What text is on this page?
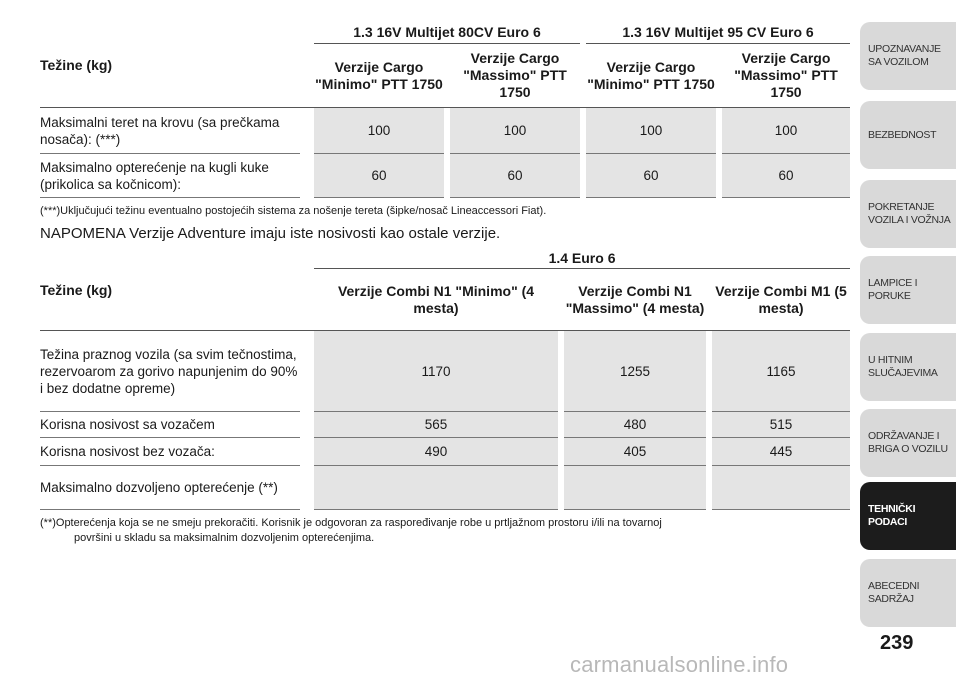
Težine (kg)		1.3 16V Multijet 80CV Euro 6				1.3 16V Multijet 95 CV Euro 6		
		Verzije Cargo "Minimo" PTT 1750		Verzije Cargo "Massimo" PTT 1750		Verzije Cargo "Minimo" PTT 1750		Verzije Cargo "Massimo" PTT 1750
Maksimalni teret na krovu (sa prečkama nosača): (***)		100		100		100		100
Maksimalno opterećenje na kugli kuke (prikolica sa kočnicom):		60		60		60		60
(***)Uključujući težinu eventualno postojećih sistema za nošenje tereta (šipke/nosač Lineaccessori Fiat).
NAPOMENA Verzije Adventure imaju iste nosivosti kao ostale verzije.
Težine (kg)		1.4 Euro 6				
		Verzije Combi N1 "Minimo" (4 mesta)		Verzije Combi N1 "Massimo" (4 mesta)		Verzije Combi M1 (5 mesta)
Težina praznog vozila (sa svim tečnostima, rezervoarom za gorivo napunjenim do 90% i bez dodatne opreme)		1170		1255		1165
Korisna nosivost sa vozačem		565		480		515
Korisna nosivost bez vozača:		490		405		445
Maksimalno dozvoljeno opterećenje (**)						
(**)Opterećenja koja se ne smeju prekoračiti. Korisnik je odgovoran za raspoređivanje robe u prtljažnom prostoru i/ili na tovarnoj
površini u skladu sa maksimalnim dozvoljenim opterećenjima.
UPOZNAVANJE SA VOZILOM
BEZBEDNOST
POKRETANJE VOZILA I VOŽNJA
LAMPICE I PORUKE
U HITNIM SLUČAJEVIMA
ODRŽAVANJE I BRIGA O VOZILU
TEHNIČKI PODACI
ABECEDNI SADRŽAJ
239
carmanualsonline.info
